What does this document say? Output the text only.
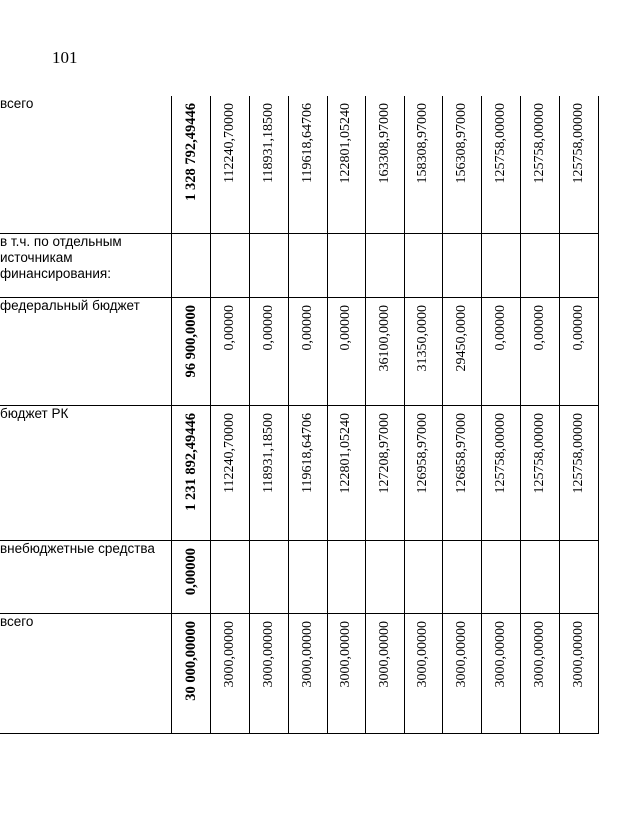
101
всего	1 328 792,49446	112240,70000	118931,18500	119618,64706	122801,05240	163308,97000	158308,97000	156308,97000	125758,00000	125758,00000	125758,00000

в т.ч. по отдельным источникам финансирования:	

федеральный бюджет	96 900,0000	0,00000	0,00000	0,00000	0,00000	36100,0000	31350,0000	29450,0000	0,00000	0,00000	0,00000

бюджет РК	1 231 892,49446	112240,70000	118931,18500	119618,64706	122801,05240	127208,97000	126958,97000	126858,97000	125758,00000	125758,00000	125758,00000

внебюджетные средства	0,00000										

всего	30 000,00000	3000,00000	3000,00000	3000,00000	3000,00000	3000,00000	3000,00000	3000,00000	3000,00000	3000,00000	3000,00000
